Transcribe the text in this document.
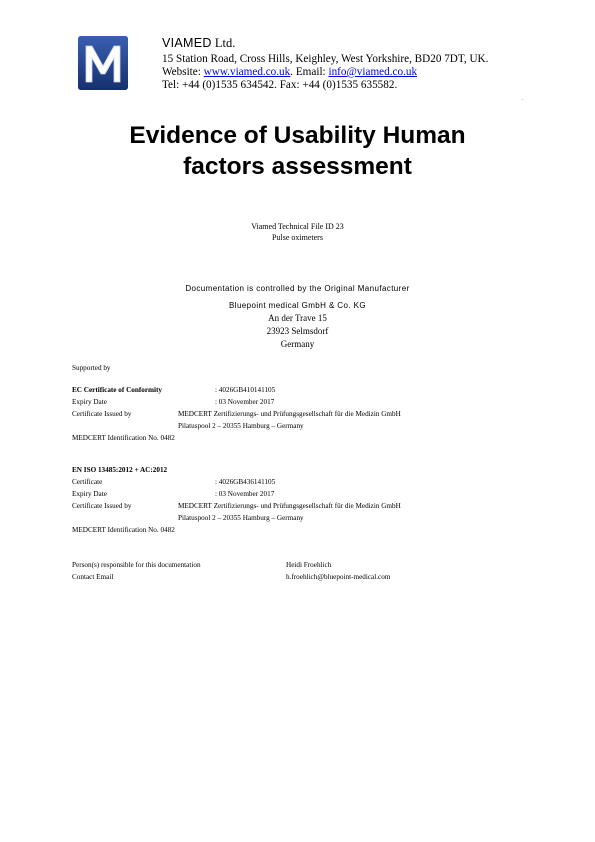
VIAMED Ltd.
15 Station Road, Cross Hills, Keighley, West Yorkshire, BD20 7DT, UK.
Website: www.viamed.co.uk. Email: info@viamed.co.uk
Tel: +44 (0)1535 634542. Fax: +44 (0)1535 635582.
.
Evidence of Usability Human
factors assessment
Viamed Technical File ID 23
Pulse oximeters
Documentation is controlled by the Original Manufacturer
Bluepoint medical GmbH & Co. KG
An der Trave 15
23923 Selmsdorf
Germany
Supported by
EC Certificate of Conformity	: 4026GB410141105
Expiry Date	: 03 November 2017
Certificate Issued by	MEDCERT Zertifizierungs- und Prüfungsgesellschaft für die Medizin GmbH
Pilatuspool 2 – 20355 Hamburg – Germany
MEDCERT Identification No. 0482
EN ISO 13485:2012 + AC:2012
Certificate	: 4026GB436141105
Expiry Date	: 03 November 2017
Certificate Issued by	MEDCERT Zertifizierungs- und Prüfungsgesellschaft für die Medizin GmbH
Pilatuspool 2 – 20355 Hamburg – Germany
MEDCERT Identification No. 0482
Person(s) responsible for this documentation	Heidi Froehlich
Contact Email	h.froehlich@bluepoint-medical.com
